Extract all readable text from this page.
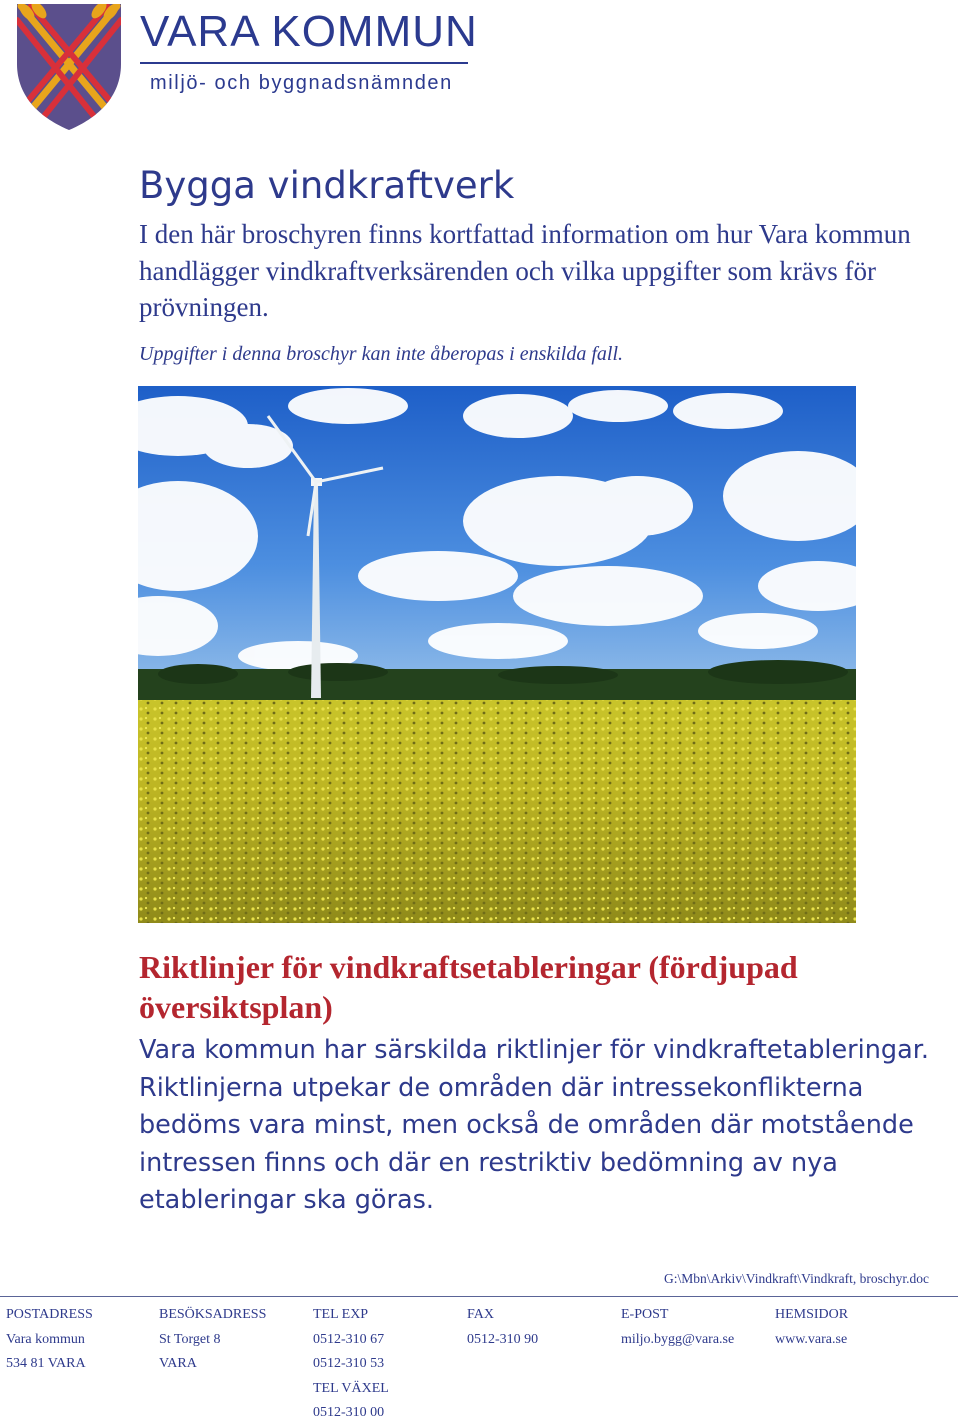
VARA KOMMUN
miljö- och byggnadsnämnden
Bygga vindkraftverk
I den här broschyren finns kortfattad information om hur Vara kommun handlägger vindkraftverksärenden och vilka uppgifter som krävs för prövningen.
Uppgifter i denna broschyr kan inte åberopas i enskilda fall.
Riktlinjer för vindkraftsetableringar (fördjupad översiktsplan)
Vara kommun har särskilda riktlinjer för vindkraftetableringar. Riktlinjerna utpekar de områden där intressekonflikterna bedöms vara minst, men också de områden där motstående intressen finns och där en restriktiv bedömning av nya etableringar ska göras.
G:\Mbn\Arkiv\Vindkraft\Vindkraft, broschyr.doc
POSTADRESS
Vara kommun
534 81 VARA
BESÖKSADRESS
St Torget 8
VARA
TEL EXP
0512-310 67
0512-310 53
TEL VÄXEL
0512-310 00
FAX
0512-310 90
E-POST
miljo.bygg@vara.se
HEMSIDOR
www.vara.se
